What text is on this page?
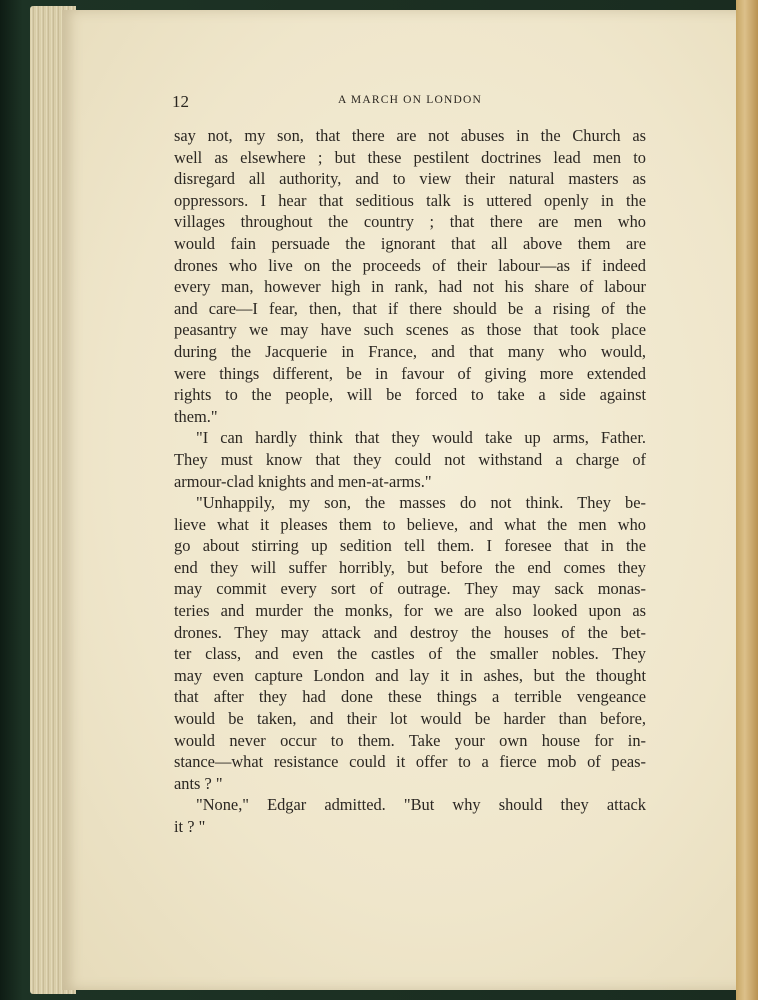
12	A MARCH ON LONDON
say not, my son, that there are not abuses in the Church as
well as elsewhere ; but these pestilent doctrines lead men to
disregard all authority, and to view their natural masters as
oppressors. I hear that seditious talk is uttered openly in the
villages throughout the country ; that there are men who
would fain persuade the ignorant that all above them are
drones who live on the proceeds of their labour—as if indeed
every man, however high in rank, had not his share of labour
and care—I fear, then, that if there should be a rising of the
peasantry we may have such scenes as those that took place
during the Jacquerie in France, and that many who would,
were things different, be in favour of giving more extended
rights to the people, will be forced to take a side against
them."
"I can hardly think that they would take up arms, Father.
They must know that they could not withstand a charge of
armour-clad knights and men-at-arms."
"Unhappily, my son, the masses do not think. They be-
lieve what it pleases them to believe, and what the men who
go about stirring up sedition tell them. I foresee that in the
end they will suffer horribly, but before the end comes they
may commit every sort of outrage. They may sack monas-
teries and murder the monks, for we are also looked upon as
drones. They may attack and destroy the houses of the bet-
ter class, and even the castles of the smaller nobles. They
may even capture London and lay it in ashes, but the thought
that after they had done these things a terrible vengeance
would be taken, and their lot would be harder than before,
would never occur to them. Take your own house for in-
stance—what resistance could it offer to a fierce mob of peas-
ants ? "
"None," Edgar admitted. "But why should they attack
it ? "
